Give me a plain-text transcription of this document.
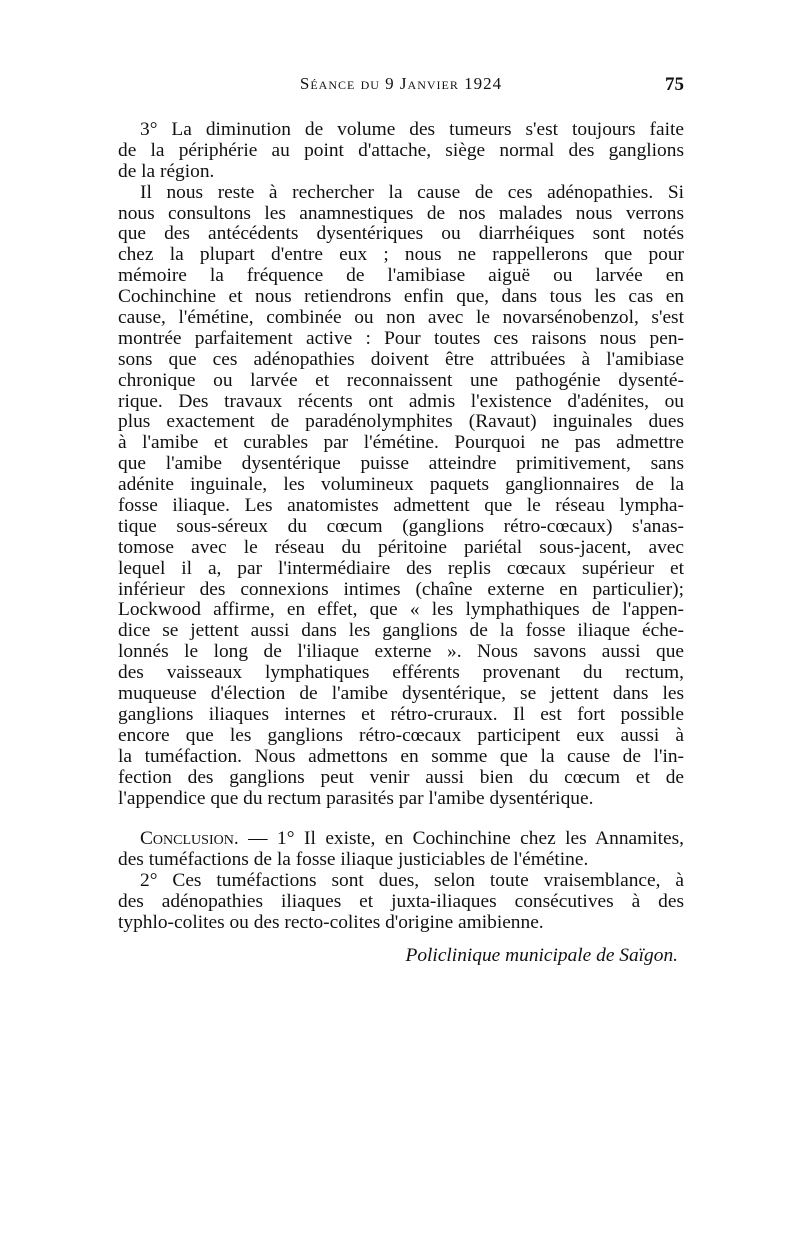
Séance du 9 Janvier 1924	75
3° La diminution de volume des tumeurs s'est toujours faite
de la périphérie au point d'attache, siège normal des ganglions
de la région.
Il nous reste à rechercher la cause de ces adénopathies. Si
nous consultons les anamnestiques de nos malades nous verrons
que des antécédents dysentériques ou diarrhéiques sont notés
chez la plupart d'entre eux ; nous ne rappellerons que pour
mémoire la fréquence de l'amibiase aiguë ou larvée en
Cochinchine et nous retiendrons enfin que, dans tous les cas en
cause, l'émétine, combinée ou non avec le novarsénobenzol, s'est
montrée parfaitement active : Pour toutes ces raisons nous pen-
sons que ces adénopathies doivent être attribuées à l'amibiase
chronique ou larvée et reconnaissent une pathogénie dysenté-
rique. Des travaux récents ont admis l'existence d'adénites, ou
plus exactement de paradénolymphites (Ravaut) inguinales dues
à l'amibe et curables par l'émétine. Pourquoi ne pas admettre
que l'amibe dysentérique puisse atteindre primitivement, sans
adénite inguinale, les volumineux paquets ganglionnaires de la
fosse iliaque. Les anatomistes admettent que le réseau lympha-
tique sous-séreux du cœcum (ganglions rétro-cœcaux) s'anas-
tomose avec le réseau du péritoine pariétal sous-jacent, avec
lequel il a, par l'intermédiaire des replis cœcaux supérieur et
inférieur des connexions intimes (chaîne externe en particulier);
Lockwood affirme, en effet, que « les lymphathiques de l'appen-
dice se jettent aussi dans les ganglions de la fosse iliaque éche-
lonnés le long de l'iliaque externe ». Nous savons aussi que
des vaisseaux lymphatiques efférents provenant du rectum,
muqueuse d'élection de l'amibe dysentérique, se jettent dans les
ganglions iliaques internes et rétro-cruraux. Il est fort possible
encore que les ganglions rétro-cœcaux participent eux aussi à
la tuméfaction. Nous admettons en somme que la cause de l'in-
fection des ganglions peut venir aussi bien du cœcum et de
l'appendice que du rectum parasités par l'amibe dysentérique.
Conclusion. — 1° Il existe, en Cochinchine chez les Annamites,
des tuméfactions de la fosse iliaque justiciables de l'émétine.
2° Ces tuméfactions sont dues, selon toute vraisemblance, à
des adénopathies iliaques et juxta-iliaques consécutives à des
typhlo-colites ou des recto-colites d'origine amibienne.
Policlinique municipale de Saïgon.
